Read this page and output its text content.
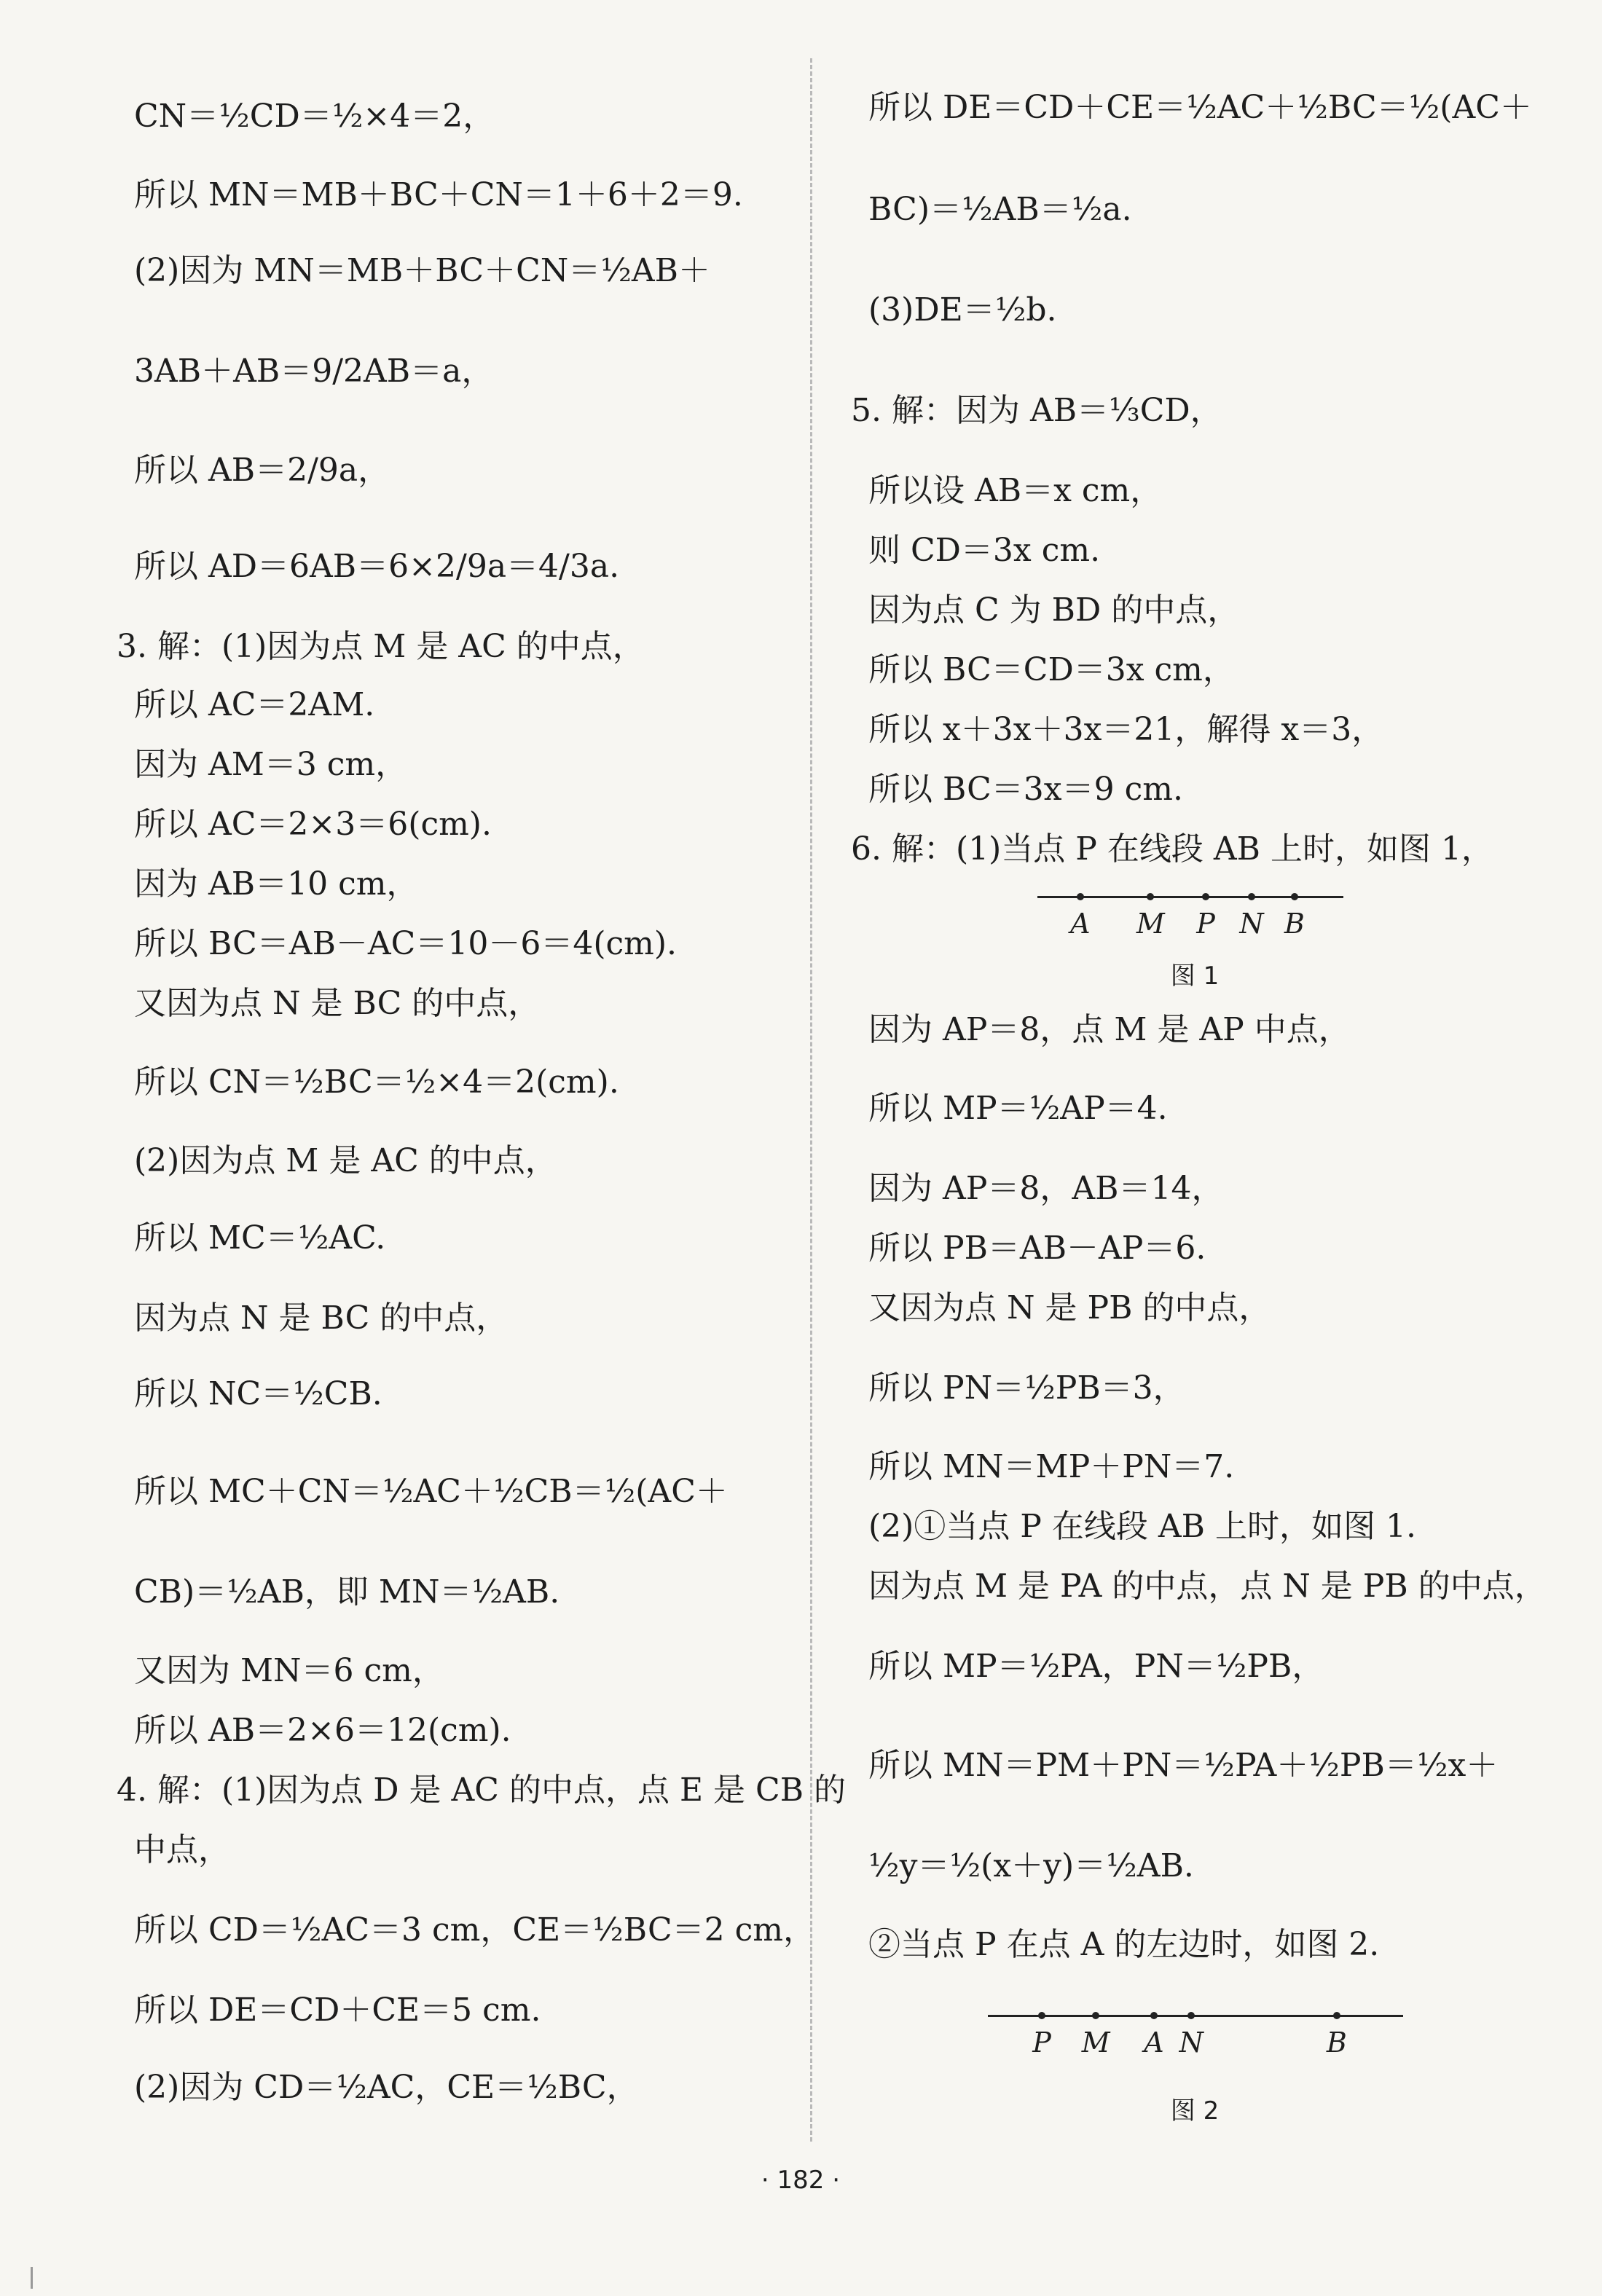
CN＝½CD＝½×4＝2，
所以 MN＝MB＋BC＋CN＝1＋6＋2＝9.
(2)因为 MN＝MB＋BC＋CN＝½AB＋
3AB＋AB＝9/2AB＝a，
所以 AB＝2/9a，
所以 AD＝6AB＝6×2/9a＝4/3a.
3. 解：(1)因为点 M 是 AC 的中点，
所以 AC＝2AM.
因为 AM＝3 cm，
所以 AC＝2×3＝6(cm).
因为 AB＝10 cm，
所以 BC＝AB－AC＝10－6＝4(cm).
又因为点 N 是 BC 的中点，
所以 CN＝½BC＝½×4＝2(cm).
(2)因为点 M 是 AC 的中点，
所以 MC＝½AC.
因为点 N 是 BC 的中点，
所以 NC＝½CB.
所以 MC＋CN＝½AC＋½CB＝½(AC＋
CB)＝½AB，即 MN＝½AB.
又因为 MN＝6 cm，
所以 AB＝2×6＝12(cm).
4. 解：(1)因为点 D 是 AC 的中点，点 E 是 CB 的
中点，
所以 CD＝½AC＝3 cm，CE＝½BC＝2 cm，
所以 DE＝CD＋CE＝5 cm.
(2)因为 CD＝½AC，CE＝½BC，
所以 DE＝CD＋CE＝½AC＋½BC＝½(AC＋
BC)＝½AB＝½a.
(3)DE＝½b.
5. 解：因为 AB＝⅓CD，
所以设 AB＝x cm，
则 CD＝3x cm.
因为点 C 为 BD 的中点，
所以 BC＝CD＝3x cm，
所以 x＋3x＋3x＝21，解得 x＝3，
所以 BC＝3x＝9 cm.
6. 解：(1)当点 P 在线段 AB 上时，如图 1，
因为 AP＝8，点 M 是 AP 中点，
所以 MP＝½AP＝4.
因为 AP＝8，AB＝14，
所以 PB＝AB－AP＝6.
又因为点 N 是 PB 的中点，
所以 PN＝½PB＝3，
所以 MN＝MP＋PN＝7.
(2)①当点 P 在线段 AB 上时，如图 1.
因为点 M 是 PA 的中点，点 N 是 PB 的中点，
所以 MP＝½PA，PN＝½PB，
所以 MN＝PM＋PN＝½PA＋½PB＝½x＋
½y＝½(x＋y)＝½AB.
②当点 P 在点 A 的左边时，如图 2.
A M P N B
图 1
P M A N	B
图 2
· 182 ·
